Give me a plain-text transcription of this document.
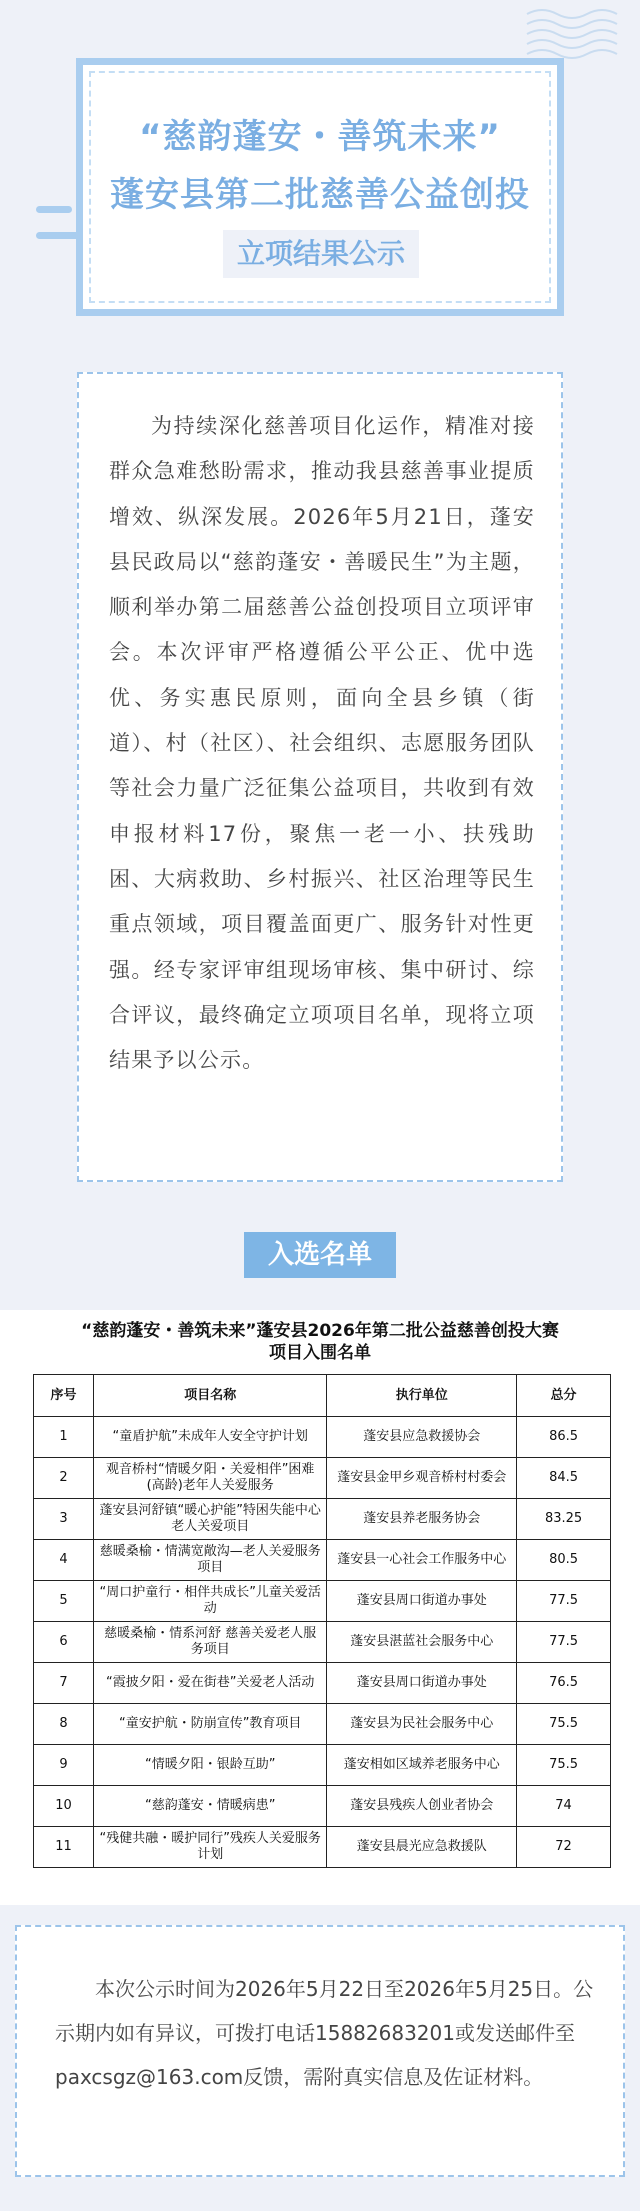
“慈韵蓬安・善筑未来”
蓬安县第二批慈善公益创投
立项结果公示

为持续深化慈善项目化运作，精准对接群众急难愁盼需求，推动我县慈善事业提质增效、纵深发展。2026年5月21日，蓬安县民政局以“慈韵蓬安・善暖民生”为主题，顺利举办第二届慈善公益创投项目立项评审会。本次评审严格遵循公平公正、优中选优、务实惠民原则，面向全县乡镇（街道）、村（社区）、社会组织、志愿服务团队等社会力量广泛征集公益项目，共收到有效申报材料17份，聚焦一老一小、扶残助困、大病救助、乡村振兴、社区治理等民生重点领域，项目覆盖面更广、服务针对性更强。经专家评审组现场审核、集中研讨、综合评议，最终确定立项项目名单，现将立项结果予以公示。

入选名单
“慈韵蓬安・善筑未来”蓬安县2026年第二批公益慈善创投大赛
项目入围名单
序号	项目名称	执行单位	总分
1	“童盾护航”未成年人安全守护计划	蓬安县应急救援协会	86.5
2	观音桥村“情暖夕阳・关爱相伴”困难(高龄)老年人关爱服务	蓬安县金甲乡观音桥村村委会	84.5
3	蓬安县河舒镇“暖心护能”特困失能中心老人关爱项目	蓬安县养老服务协会	83.25
4	慈暖桑榆・情满宽敞沟—老人关爱服务项目	蓬安县一心社会工作服务中心	80.5
5	“周口护童行・相伴共成长”儿童关爱活动	蓬安县周口街道办事处	77.5
6	慈暖桑榆・情系河舒 慈善关爱老人服务项目	蓬安县湛蓝社会服务中心	77.5
7	“霞披夕阳・爱在街巷”关爱老人活动	蓬安县周口街道办事处	76.5
8	“童安护航・防崩宣传”教育项目	蓬安县为民社会服务中心	75.5
9	“情暖夕阳・银龄互助”	蓬安相如区域养老服务中心	75.5
10	“慈韵蓬安・情暖病患”	蓬安县残疾人创业者协会	74
11	“残健共融・暖护同行”残疾人关爱服务计划	蓬安县晨光应急救援队	72

本次公示时间为2026年5月22日至2026年5月25日。公示期内如有异议，可拨打电话15882683201或发送邮件至paxcsgz@163.com反馈，需附真实信息及佐证材料。
